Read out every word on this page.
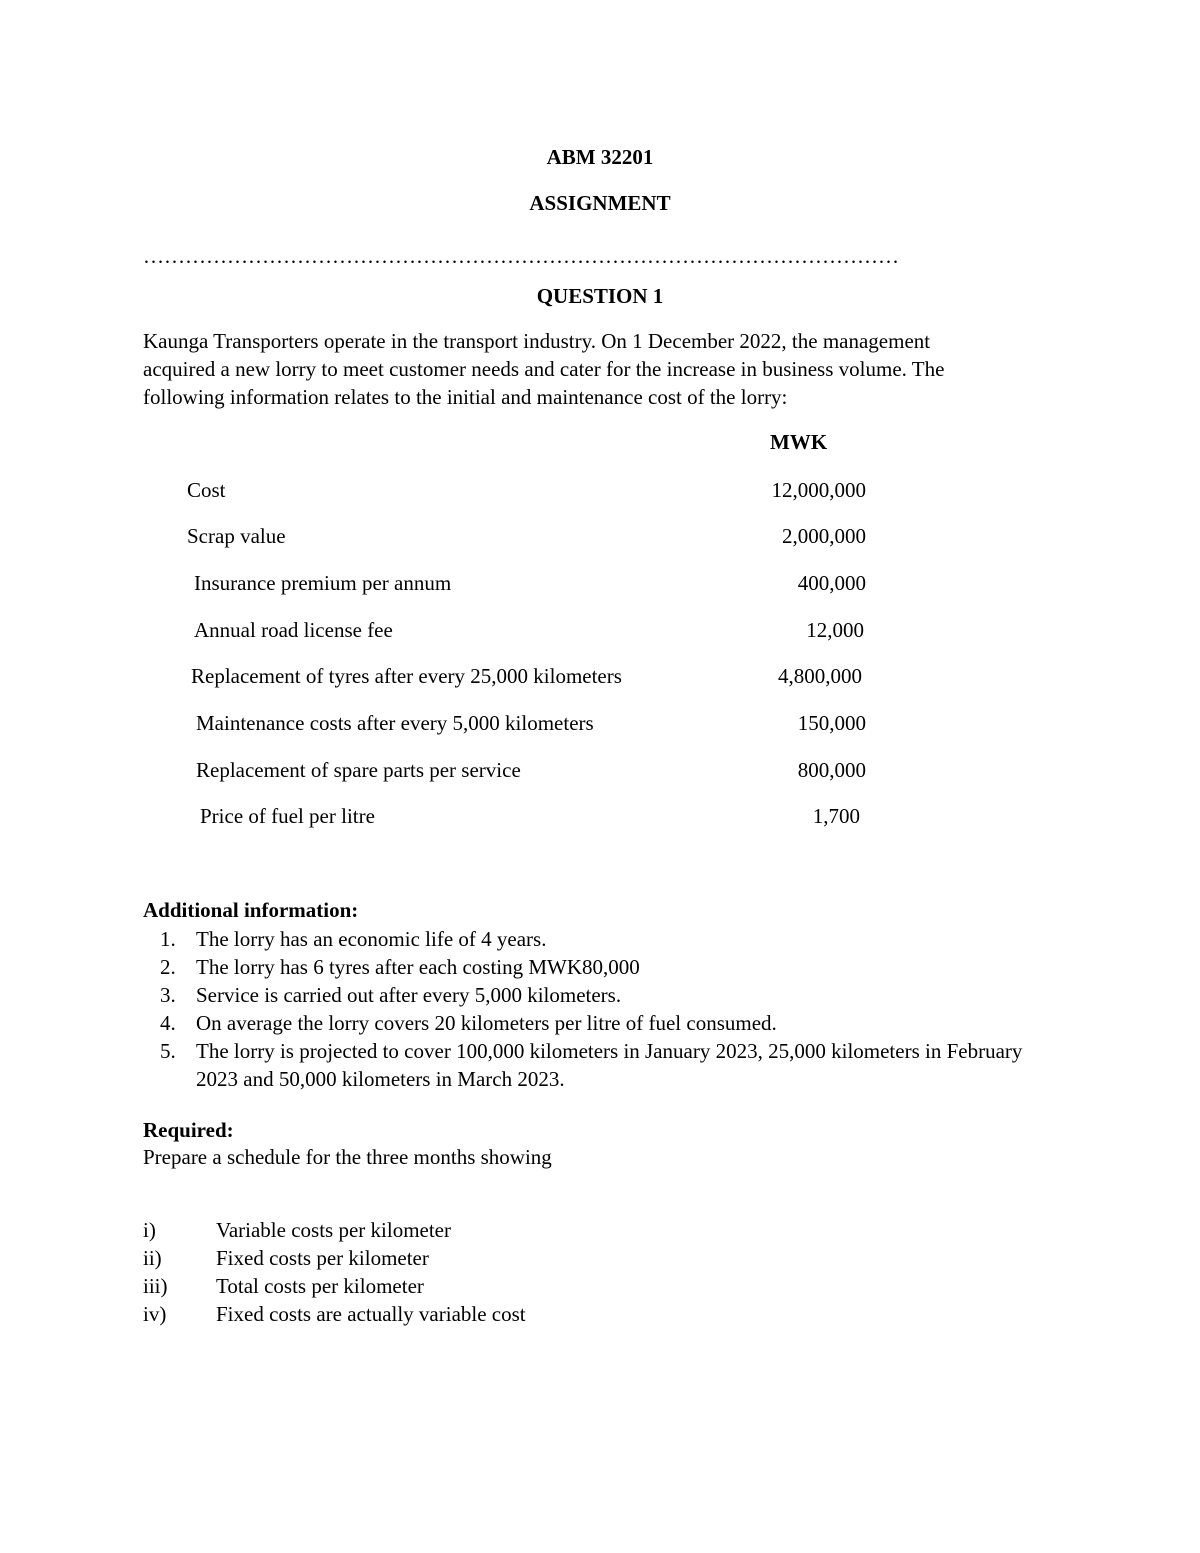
ABM 32201
ASSIGNMENT
………………………………………………………………………………………………
QUESTION 1

Kaunga Transporters operate in the transport industry. On 1 December 2022, the management

acquired a new lorry to meet customer needs and cater for the increase in business volume. The

following information relates to the initial and maintenance cost of the lorry:

MWK
Cost	12,000,000
Scrap value	2,000,000
Insurance premium per annum	400,000
Annual road license fee	12,000
Replacement of tyres after every 25,000 kilometers	4,800,000
Maintenance costs after every 5,000 kilometers	150,000
Replacement of spare parts per service	800,000
Price of fuel per litre	1,700
Additional information:
1. The lorry has an economic life of 4 years.
2. The lorry has 6 tyres after each costing MWK80,000
3. Service is carried out after every 5,000 kilometers.
4. On average the lorry covers 20 kilometers per litre of fuel consumed.
5. The lorry is projected to cover 100,000 kilometers in January 2023, 25,000 kilometers in February 2023 and 50,000 kilometers in March 2023.
Required:
Prepare a schedule for the three months showing
i)	Variable costs per kilometer
ii)	Fixed costs per kilometer
iii) Total costs per kilometer
iv) Fixed costs are actually variable cost
